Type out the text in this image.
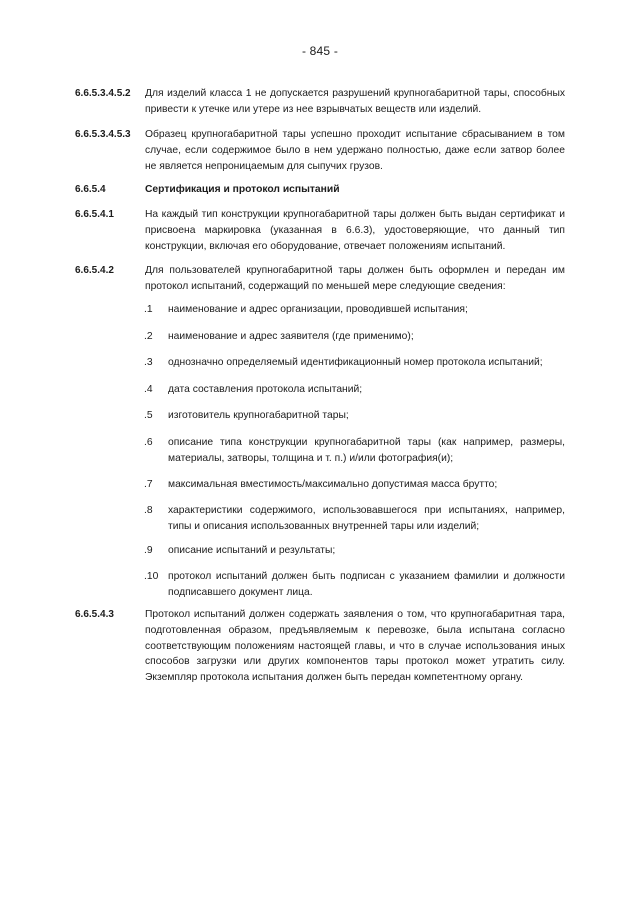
- 845 -
6.6.5.3.4.5.2 Для изделий класса 1 не допускается разрушений крупногабаритной тары, способных привести к утечке или утере из нее взрывчатых веществ или изделий.
6.6.5.3.4.5.3 Образец крупногабаритной тары успешно проходит испытание сбрасыванием в том случае, если содержимое было в нем удержано полностью, даже если затвор более не является непроницаемым для сыпучих грузов.
6.6.5.4	Сертификация и протокол испытаний
6.6.5.4.1	На каждый тип конструкции крупногабаритной тары должен быть выдан сертификат и присвоена маркировка (указанная в 6.6.3), удостоверяющие, что данный тип конструкции, включая его оборудование, отвечает положениям испытаний.
6.6.5.4.2	Для пользователей крупногабаритной тары должен быть оформлен и передан им протокол испытаний, содержащий по меньшей мере следующие сведения:
.1 наименование и адрес организации, проводившей испытания;
.2 наименование и адрес заявителя (где применимо);
.3 однозначно определяемый идентификационный номер протокола испытаний;
.4 дата составления протокола испытаний;
.5 изготовитель крупногабаритной тары;
.6 описание типа конструкции крупногабаритной тары (как например, размеры, материалы, затворы, толщина и т. п.) и/или фотография(и);
.7 максимальная вместимость/максимально допустимая масса брутто;
.8 характеристики содержимого, использовавшегося при испытаниях, например, типы и описания использованных внутренней тары или изделий;
.9 описание испытаний и результаты;
.10 протокол испытаний должен быть подписан с указанием фамилии и должности подписавшего документ лица.
6.6.5.4.3	Протокол испытаний должен содержать заявления о том, что крупногабаритная тара, подготовленная образом, предъявляемым к перевозке, была испытана согласно соответствующим положениям настоящей главы, и что в случае использования иных способов загрузки или других компонентов тары протокол может утратить силу. Экземпляр протокола испытания должен быть передан компетентному органу.
